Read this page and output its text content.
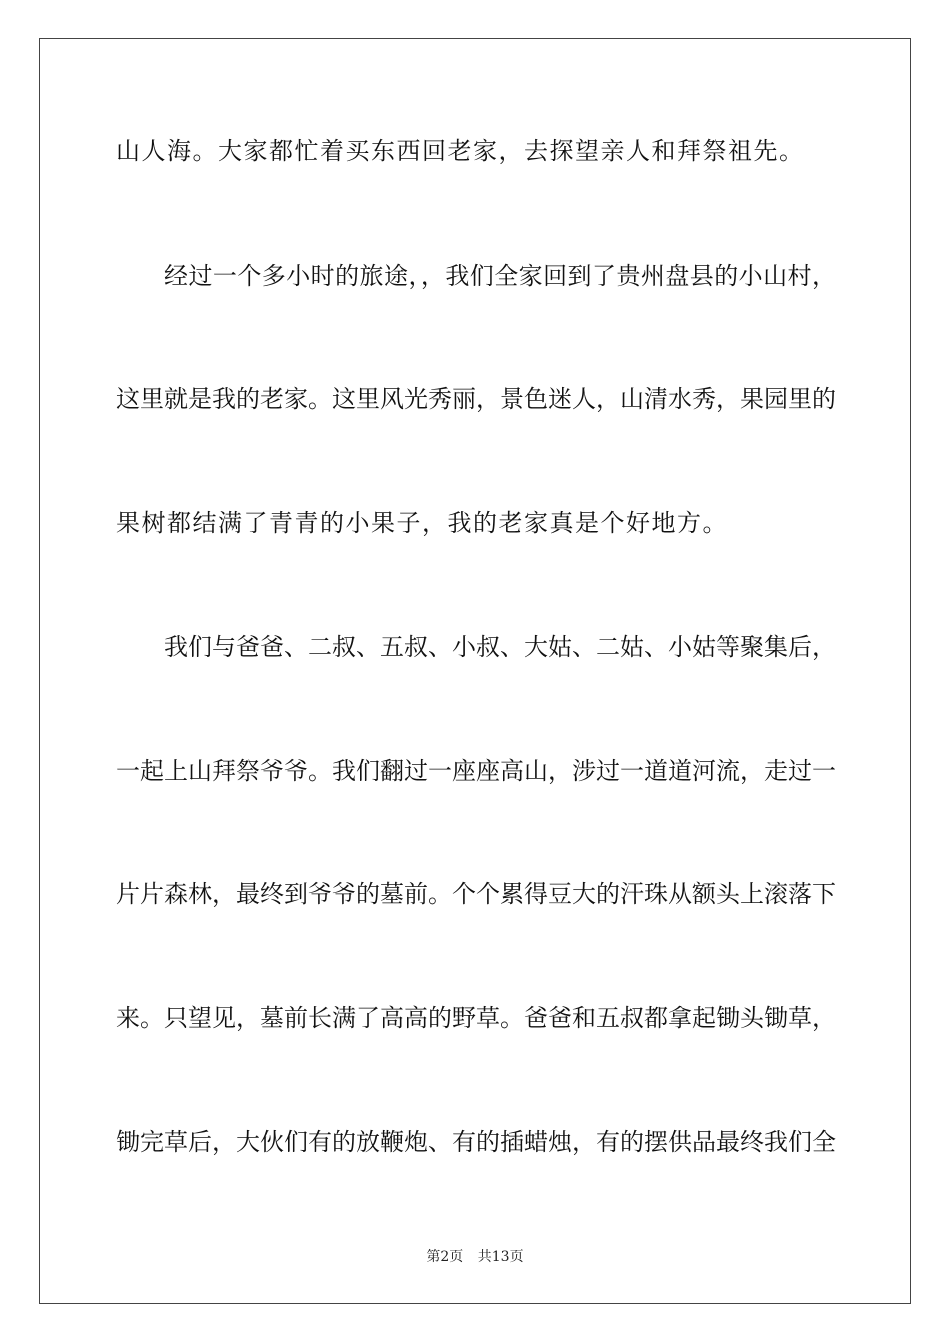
山人海。大家都忙着买东西回老家，去探望亲人和拜祭祖先。
经过一个多小时的旅途，，我们全家回到了贵州盘县的小山村，
这里就是我的老家。这里风光秀丽，景色迷人，山清水秀，果园里的
果树都结满了青青的小果子，我的老家真是个好地方。
我们与爸爸、二叔、五叔、小叔、大姑、二姑、小姑等聚集后，
一起上山拜祭爷爷。我们翻过一座座高山，涉过一道道河流，走过一
片片森林，最终到爷爷的墓前。个个累得豆大的汗珠从额头上滚落下
来。只望见，墓前长满了高高的野草。爸爸和五叔都拿起锄头锄草，
锄完草后，大伙们有的放鞭炮、有的插蜡烛，有的摆供品最终我们全
第2页 共13页
